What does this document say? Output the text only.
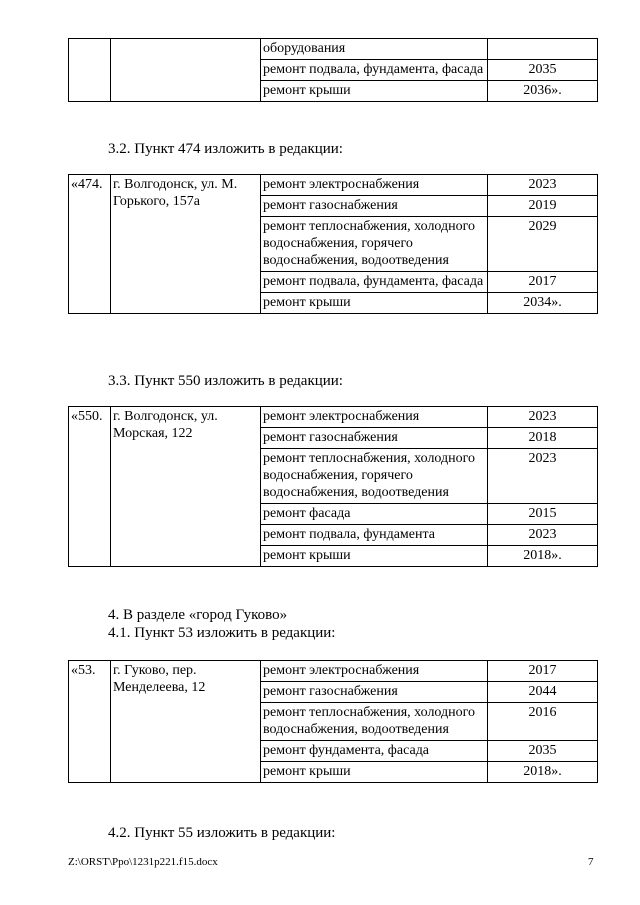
		оборудования	
		ремонт подвала, фундамента, фасада	2035
		ремонт крыши	2036».
3.2. Пункт 474 изложить в редакции:
«474.	г. Волгодонск, ул. М. Горького, 157а	ремонт электроснабжения	2023
		ремонт газоснабжения	2019
		ремонт теплоснабжения, холодного водоснабжения, горячего водоснабжения, водоотведения	2029
		ремонт подвала, фундамента, фасада	2017
		ремонт крыши	2034».
3.3. Пункт 550 изложить в редакции:
«550.	г. Волгодонск, ул. Морская, 122	ремонт электроснабжения	2023
		ремонт газоснабжения	2018
		ремонт теплоснабжения, холодного водоснабжения, горячего водоснабжения, водоотведения	2023
		ремонт фасада	2015
		ремонт подвала, фундамента	2023
		ремонт крыши	2018».
4. В разделе «город Гуково»
4.1. Пункт 53 изложить в редакции:
«53.	г. Гуково, пер. Менделеева, 12	ремонт электроснабжения	2017
		ремонт газоснабжения	2044
		ремонт теплоснабжения, холодного водоснабжения, водоотведения	2016
		ремонт фундамента, фасада	2035
		ремонт крыши	2018».
4.2. Пункт 55 изложить в редакции:
Z:\ORST\Ppo\1231p221.f15.docx	7
